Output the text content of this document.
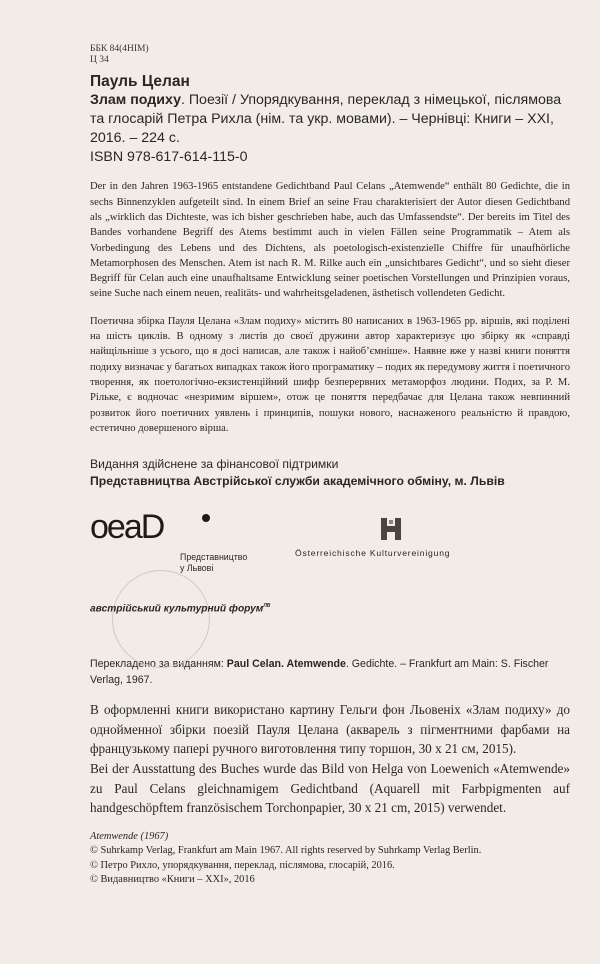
ББК 84(4НІМ)
Ц 34
Пауль Целан
Злам подиху. Поезії / Упорядкування, переклад з німецької, післямова та глосарій Петра Рихла (нім. та укр. мовами). – Чернівці: Книги – XXI, 2016. – 224 с.
ISBN 978-617-614-115-0
Der in den Jahren 1963-1965 entstandene Gedichtband Paul Celans „Atemwende“ enthält 80 Gedichte, die in sechs Binnenzyklen aufgeteilt sind. In einem Brief an seine Frau charakterisiert der Autor diesen Gedichtband als „wirklich das Dichteste, was ich bisher geschrieben habe, auch das Umfassendste“. Der bereits im Titel des Bandes vorhandene Begriff des Atems bestimmt auch in vielen Fällen seine Programmatik – Atem als Vorbedingung des Lebens und des Dichtens, als poetologisch-existenzielle Chiffre für unaufhörliche Metamorphosen des Menschen. Atem ist nach R. M. Rilke auch ein „unsichtbares Gedicht“, und so sieht dieser Begriff für Celan auch eine unaufhaltsame Entwicklung seiner poetischen Vorstellungen und Prinzipien voraus, seine Suche nach einem neuen, realitäts- und wahrheitsgeladenen, ästhetisch vollendeten Gedicht.
Поетична збірка Пауля Целана «Злам подиху» містить 80 написаних в 1963-1965 рр. віршів, які поділені на шість циклів. В одному з листів до своєї дружини автор характеризує цю збірку як «справді найщільніше з усього, що я досі написав, але також і найобʼємніше». Наявне вже у назві книги поняття подиху визначає у багатьох випадках також його програматику – подих як передумову життя і поетичного творення, як поетологічно-екзистенційний шифр безперервних метаморфоз людини. Подих, за Р. М. Рільке, є водночас «незримим віршем», отож це поняття передбачає для Целана також невпинний розвиток його поетичних уявлень і принципів, пошуки нового, наснаженого реальністю й правдою, естетично довершеного вірша.
Видання здійснене за фінансової підтримки
Представництва Австрійської служби академічного обміну, м. Львів
oeaD
Представництво
у Львові
Österreichische Kulturvereinigung
австрійський культурний форум$^{ЛВ}$
Перекладено за виданням: Paul Celan. Atemwende. Gedichte. – Frankfurt am Main: S. Fischer Verlag, 1967.
В оформленні книги використано картину Гельги фон Льовеніх «Злам подиху» до однойменної збірки поезій Пауля Целана (акварель з пігментними фарбами на французькому папері ручного виготовлення типу торшон, 30 x 21 см, 2015).
Bei der Ausstattung des Buches wurde das Bild von Helga von Loewenich «Atemwende» zu Paul Celans gleichnamigem Gedichtband (Aquarell mit Farbpigmenten auf handgeschöpftem französischem Torchonpapier, 30 x 21 cm, 2015) verwendet.
Atemwende (1967)
© Suhrkamp Verlag, Frankfurt am Main 1967. All rights reserved by Suhrkamp Verlag Berlin.
© Петро Рихло, упорядкування, переклад, післямова, глосарій, 2016.
© Видавництво «Книги – XXI», 2016
